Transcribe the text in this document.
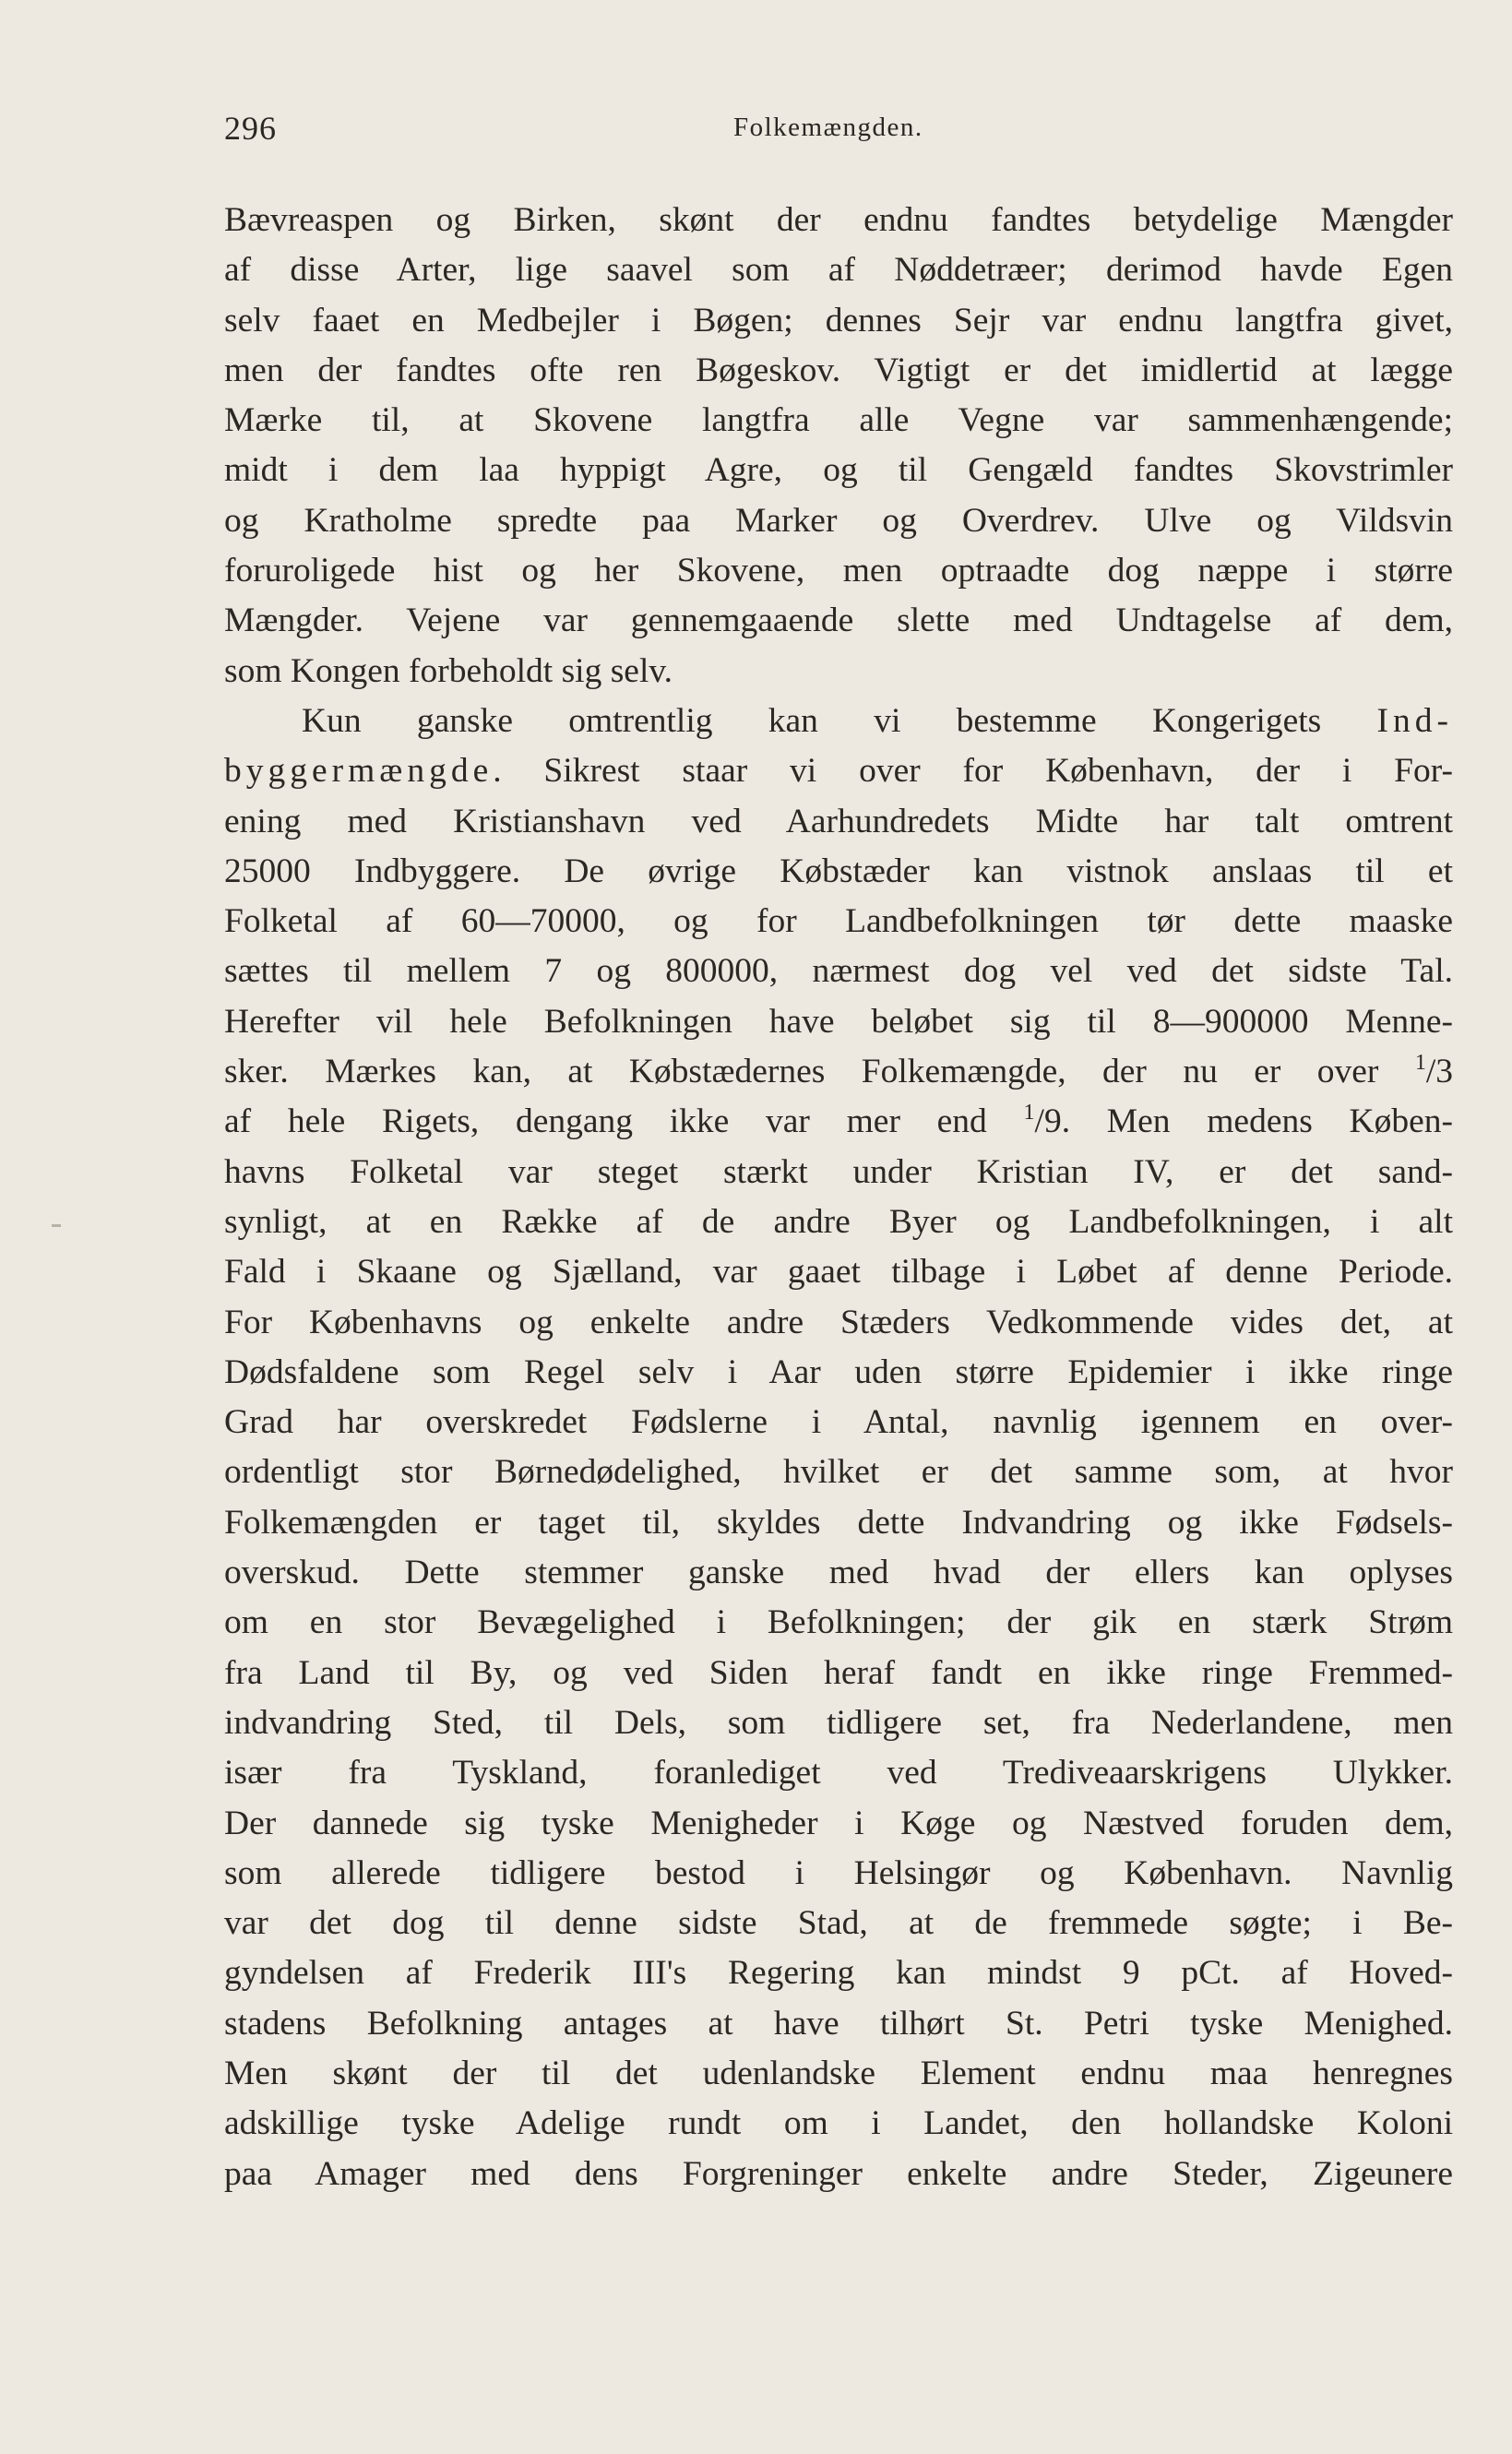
296	Folkemængden.
Bævreaspen og Birken, skønt der endnu fandtes betydelige Mængder
af disse Arter, lige saavel som af Nøddetræer; derimod havde Egen
selv faaet en Medbejler i Bøgen; dennes Sejr var endnu langtfra givet,
men der fandtes ofte ren Bøgeskov. Vigtigt er det imidlertid at lægge
Mærke til, at Skovene langtfra alle Vegne var sammenhængende;
midt i dem laa hyppigt Agre, og til Gengæld fandtes Skovstrimler
og Kratholme spredte paa Marker og Overdrev. Ulve og Vildsvin
foruroligede hist og her Skovene, men optraadte dog næppe i større
Mængder. Vejene var gennemgaaende slette med Undtagelse af dem,
som Kongen forbeholdt sig selv.
Kun ganske omtrentlig kan vi bestemme Kongerigets Ind-
byggermængde. Sikrest staar vi over for København, der i For-
ening med Kristianshavn ved Aarhundredets Midte har talt omtrent
25000 Indbyggere. De øvrige Købstæder kan vistnok anslaas til et
Folketal af 60—70000, og for Landbefolkningen tør dette maaske
sættes til mellem 7 og 800000, nærmest dog vel ved det sidste Tal.
Herefter vil hele Befolkningen have beløbet sig til 8—900000 Menne-
sker. Mærkes kan, at Købstædernes Folkemængde, der nu er over $^1$/3
af hele Rigets, dengang ikke var mer end $^1$/9. Men medens Køben-
havns Folketal var steget stærkt under Kristian IV, er det sand-
synligt, at en Række af de andre Byer og Landbefolkningen, i alt
Fald i Skaane og Sjælland, var gaaet tilbage i Løbet af denne Periode.
For Københavns og enkelte andre Stæders Vedkommende vides det, at
Dødsfaldene som Regel selv i Aar uden større Epidemier i ikke ringe
Grad har overskredet Fødslerne i Antal, navnlig igennem en over-
ordentligt stor Børnedødelighed, hvilket er det samme som, at hvor
Folkemængden er taget til, skyldes dette Indvandring og ikke Fødsels-
overskud. Dette stemmer ganske med hvad der ellers kan oplyses
om en stor Bevægelighed i Befolkningen; der gik en stærk Strøm
fra Land til By, og ved Siden heraf fandt en ikke ringe Fremmed-
indvandring Sted, til Dels, som tidligere set, fra Nederlandene, men
især fra Tyskland, foranlediget ved Trediveaarskrigens Ulykker.
Der dannede sig tyske Menigheder i Køge og Næstved foruden dem,
som allerede tidligere bestod i Helsingør og København. Navnlig
var det dog til denne sidste Stad, at de fremmede søgte; i Be-
gyndelsen af Frederik III's Regering kan mindst 9 pCt. af Hoved-
stadens Befolkning antages at have tilhørt St. Petri tyske Menighed.
Men skønt der til det udenlandske Element endnu maa henregnes
adskillige tyske Adelige rundt om i Landet, den hollandske Koloni
paa Amager med dens Forgreninger enkelte andre Steder, Zigeunere
